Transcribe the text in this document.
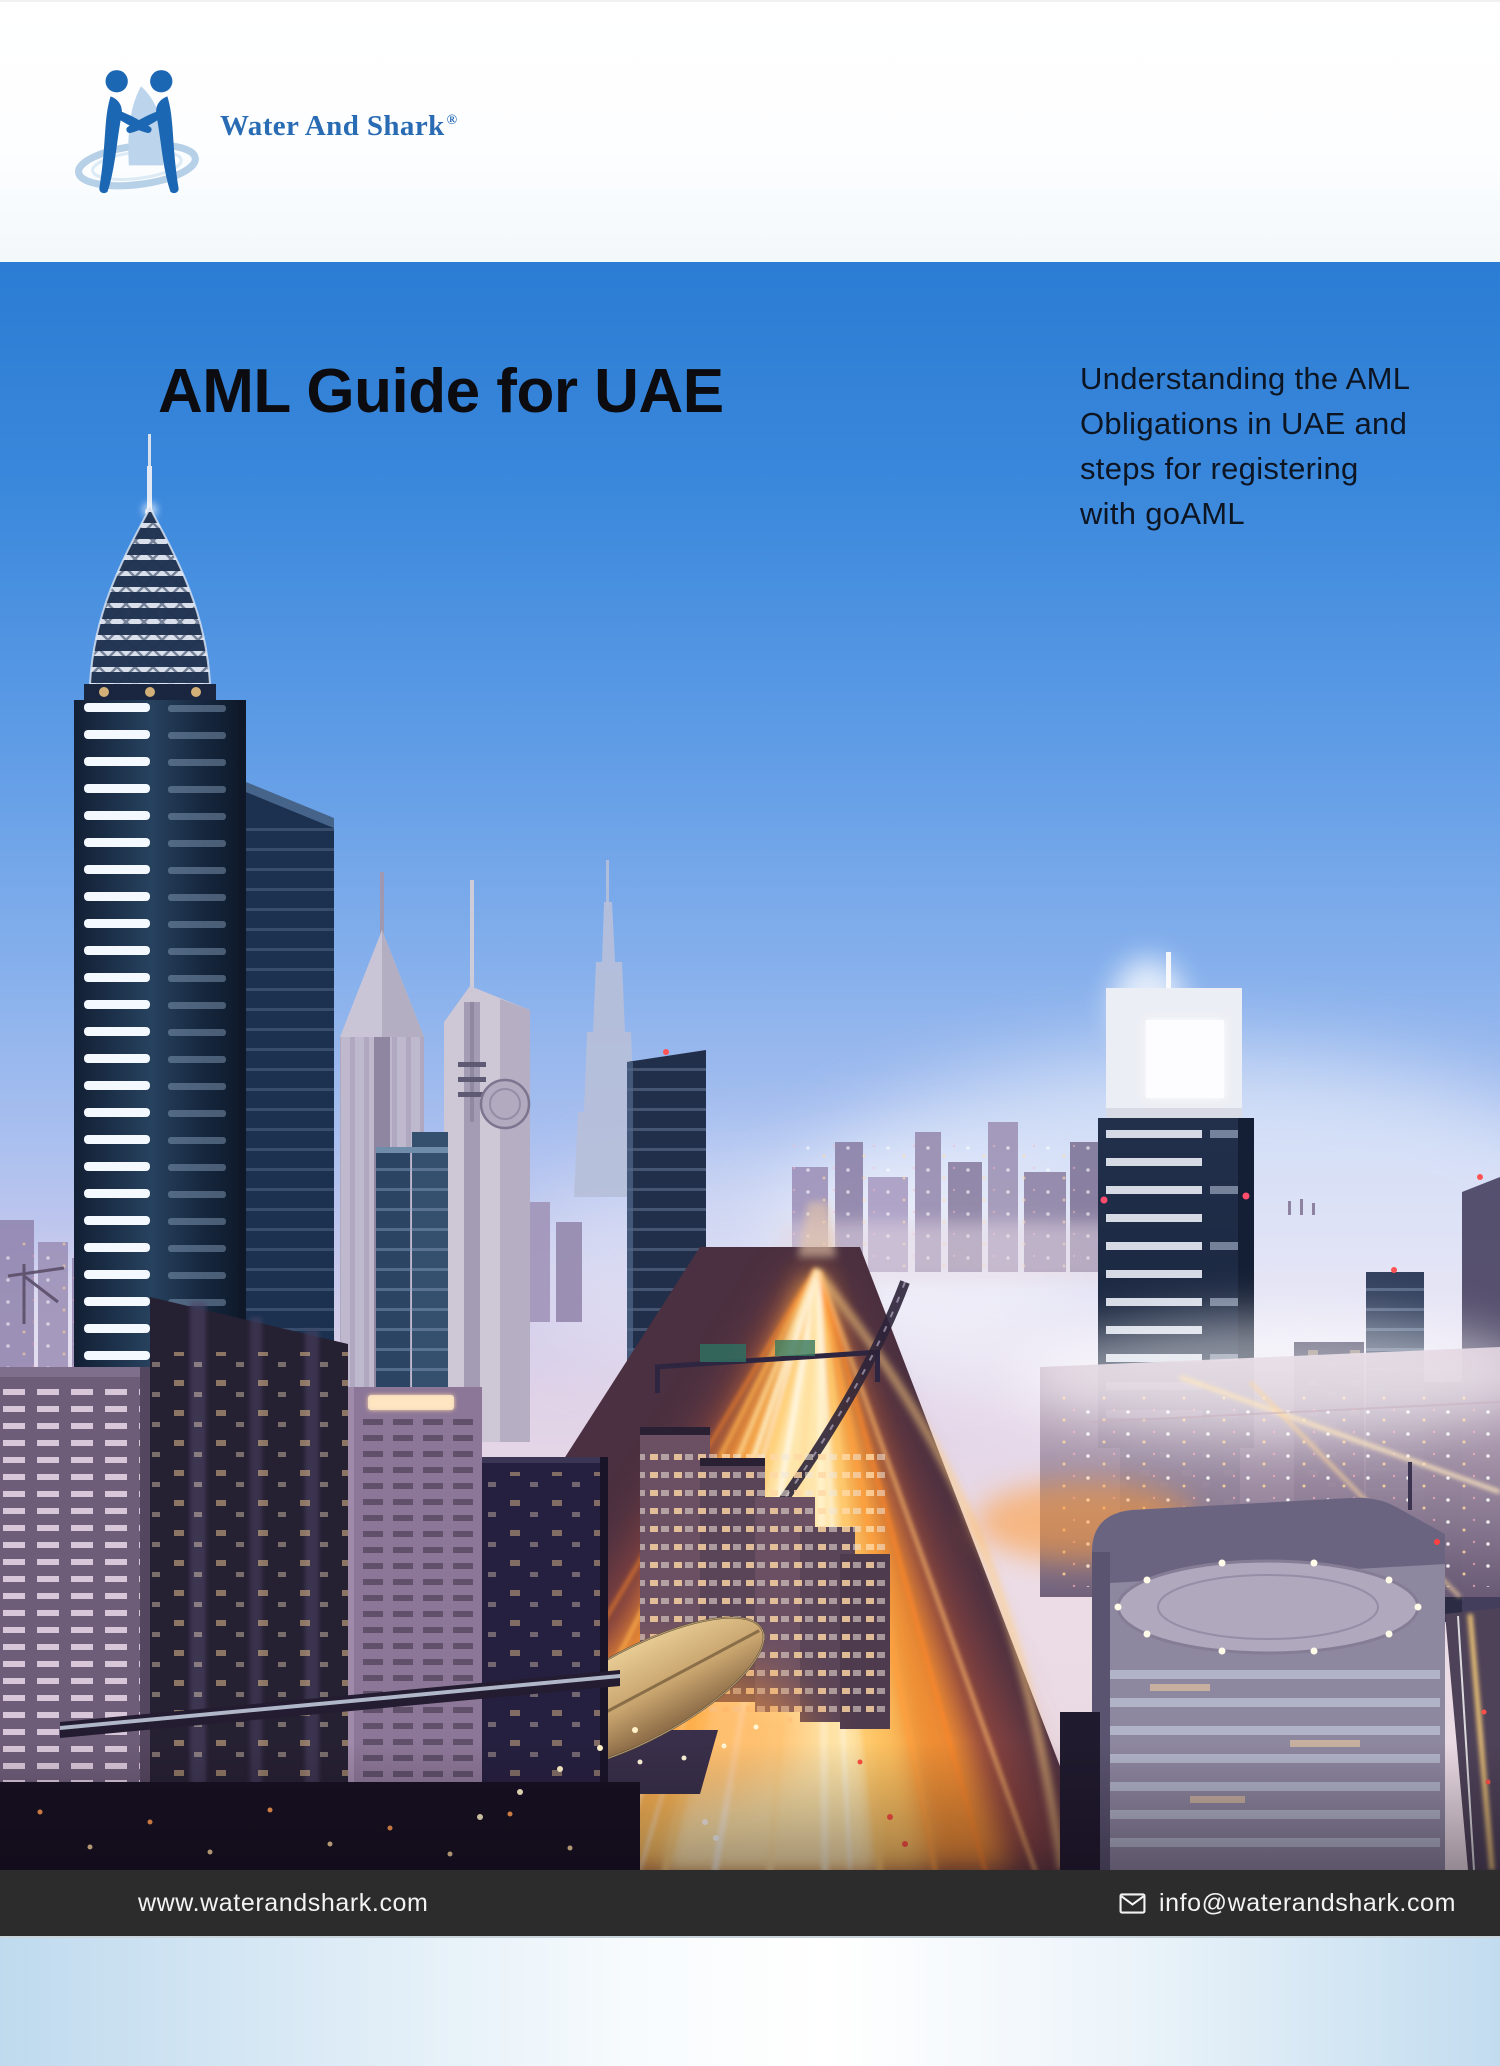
Water And Shark ®
AML Guide for UAE	Understanding the AML
Obligations in UAE and
steps for registering
with goAML

www.waterandshark.com	info@waterandshark.com
